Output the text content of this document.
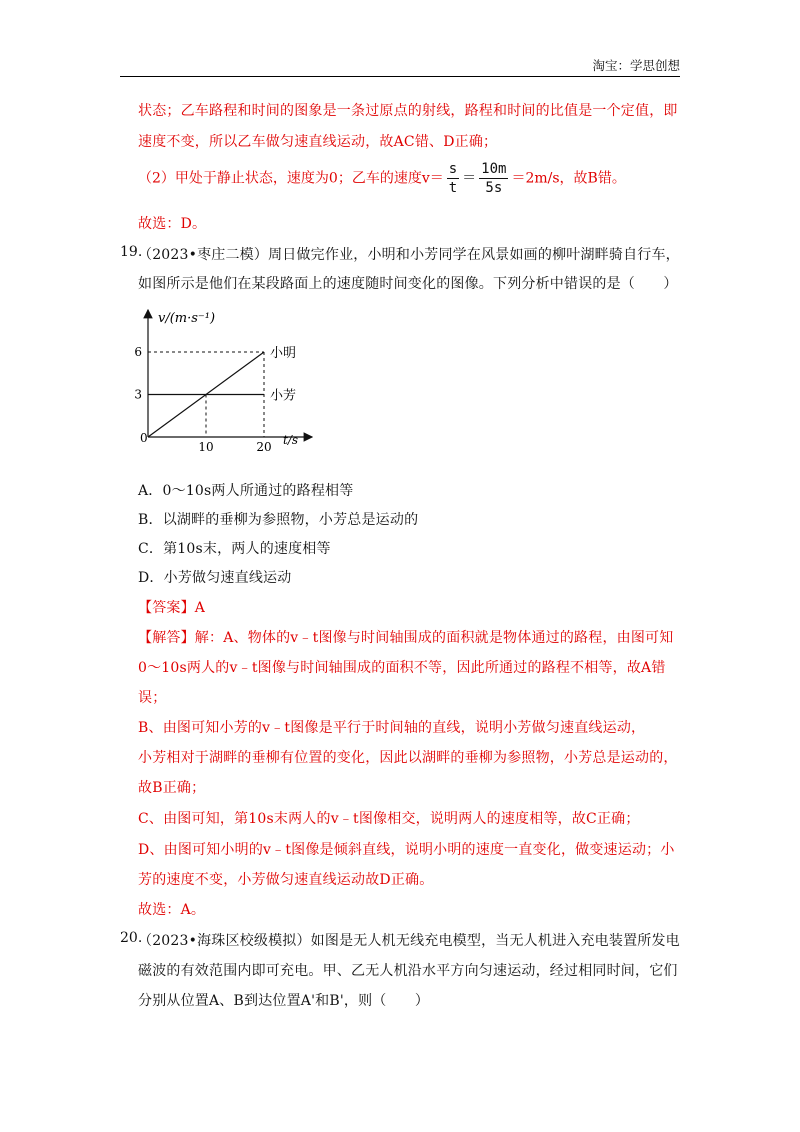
淘宝：学思创想
状态；乙车路程和时间的图象是一条过原点的射线，路程和时间的比值是一个定值，即
速度不变，所以乙车做匀速直线运动，故AC错、D正确；
（2）甲处于静止状态，速度为0；乙车的速度$v= \frac{s}{t} = \frac{10m}{5s} =2m/s$，故B错。
故选：D。
19.
（2023•枣庄二模）周日做完作业，小明和小芳同学在风景如画的柳叶湖畔骑自行车，
如图所示是他们在某段路面上的速度随时间变化的图像。下列分析中错误的是（　　）
v/(m·s⁻¹)
t/s
0
小明
小芳
10	20
3
6
A．0～10s两人所通过的路程相等
B．以湖畔的垂柳为参照物，小芳总是运动的
C．第10s末，两人的速度相等
D．小芳做匀速直线运动
【答案】A
【解答】解：A、物体的v﹣t图像与时间轴围成的面积就是物体通过的路程，由图可知
0～10s两人的v﹣t图像与时间轴围成的面积不等，因此所通过的路程不相等，故A错
误；
B、由图可知小芳的v﹣t图像是平行于时间轴的直线，说明小芳做匀速直线运动，
小芳相对于湖畔的垂柳有位置的变化，因此以湖畔的垂柳为参照物，小芳总是运动的，
故B正确；
C、由图可知，第10s末两人的v﹣t图像相交，说明两人的速度相等，故C正确；
D、由图可知小明的v﹣t图像是倾斜直线，说明小明的速度一直变化，做变速运动；小
芳的速度不变，小芳做匀速直线运动故D正确。
故选：A。
20.
（2023•海珠区校级模拟）如图是无人机无线充电模型，当无人机进入充电装置所发电
磁波的有效范围内即可充电。甲、乙无人机沿水平方向匀速运动，经过相同时间，它们
分别从位置A、B到达位置A'和B'，则（　　）
